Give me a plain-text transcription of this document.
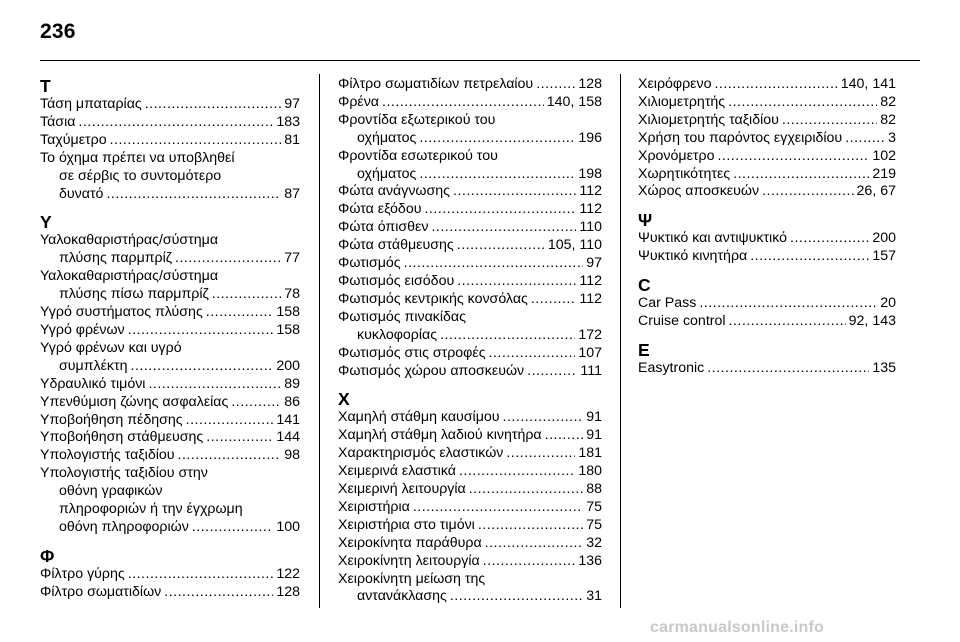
236
Τ
Τάση μπαταρίας .....	97
Τάσια .....	183
Ταχύμετρο .....	81
Το όχημα πρέπει να υποβληθεί
σε σέρβις το συντομότερο
δυνατό .....	87
Υ
Υαλοκαθαριστήρας/σύστημα
πλύσης παρμπρίζ .....	77
Υαλοκαθαριστήρας/σύστημα
πλύσης πίσω παρμπρίζ .....	78
Υγρό συστήματος πλύσης .....	158
Υγρό φρένων .....	158
Υγρό φρένων και υγρό
συμπλέκτη .....	200
Υδραυλικό τιμόνι .....	89
Υπενθύμιση ζώνης ασφαλείας .....	86
Υποβοήθηση πέδησης .....	141
Υποβοήθηση στάθμευσης .....	144
Υπολογιστής ταξιδίου .....	98
Υπολογιστής ταξιδίου στην
οθόνη γραφικών
πληροφοριών ή την έγχρωμη
οθόνη πληροφοριών .....	100
Φ
Φίλτρο γύρης .....	122
Φίλτρο σωματιδίων .....	128
Φίλτρο σωματιδίων πετρελαίου .....	128
Φρένα .....	140, 158
Φροντίδα εξωτερικού του
οχήματος .....	196
Φροντίδα εσωτερικού του
οχήματος .....	198
Φώτα ανάγνωσης .....	112
Φώτα εξόδου .....	112
Φώτα όπισθεν .....	110
Φώτα στάθμευσης .....	105, 110
Φωτισμός .....	97
Φωτισμός εισόδου .....	112
Φωτισμός κεντρικής κονσόλας .....	112
Φωτισμός πινακίδας
κυκλοφορίας .....	172
Φωτισμός στις στροφές .....	107
Φωτισμός χώρου αποσκευών .....	111
Χ
Χαμηλή στάθμη καυσίμου .....	91
Χαμηλή στάθμη λαδιού κινητήρα .....	91
Χαρακτηρισμός ελαστικών .....	181
Χειμερινά ελαστικά .....	180
Χειμερινή λειτουργία .....	88
Χειριστήρια .....	75
Χειριστήρια στο τιμόνι .....	75
Χειροκίνητα παράθυρα .....	32
Χειροκίνητη λειτουργία .....	136
Χειροκίνητη μείωση της
αντανάκλασης .....	31
Χειρόφρενο .....	140, 141
Χιλιομετρητής .....	82
Χιλιομετρητής ταξιδίου .....	82
Χρήση του παρόντος εγχειριδίου .....	3
Χρονόμετρο .....	102
Χωρητικότητες .....	219
Χώρος αποσκευών .....	26, 67
Ψ
Ψυκτικό και αντιψυκτικό .....	200
Ψυκτικό κινητήρα .....	157
C
Car Pass .....	20
Cruise control .....	92, 143
E
Easytronic .....	135
carmanualsonline.info
